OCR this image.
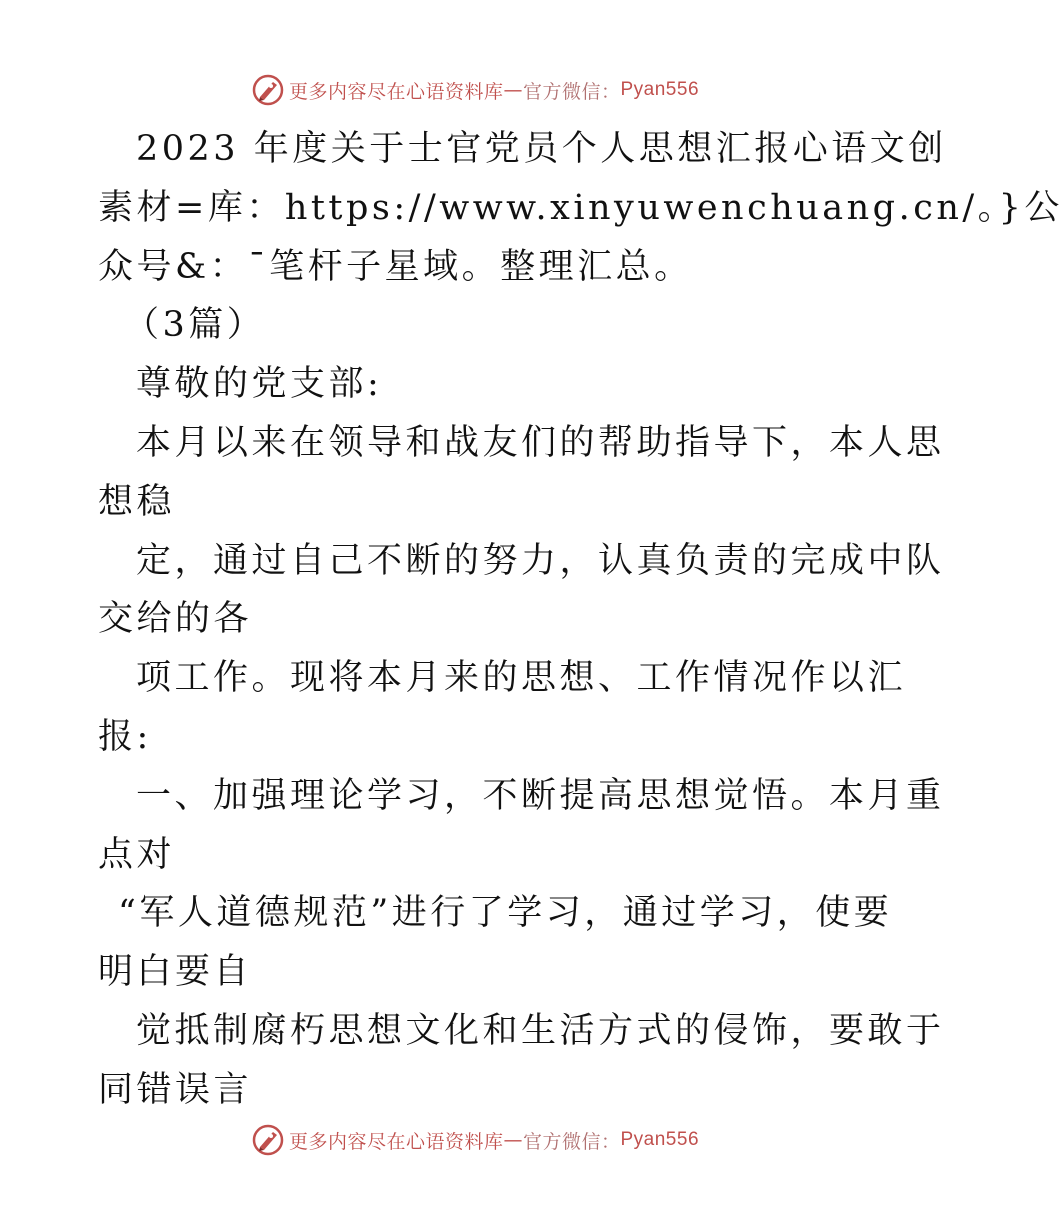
更多内容尽在心语资料库 — 官方微信： Pyan556
2023 年度关于士官党员个人思想汇报心语文创
素材=库：https://www.xinyuwenchuang.cn/。}公
众号&：¯笔杆子星域。整理汇总。
（3篇）
尊敬的党支部:
本月以来在领导和战友们的帮助指导下，本人思
想稳
定，通过自己不断的努力，认真负责的完成中队
交给的各
项工作。现将本月来的思想、工作情况作以汇
报:
一、加强理论学习，不断提高思想觉悟。本月重
点对
“军人道德规范”进行了学习，通过学习，使要
明白要自
觉抵制腐朽思想文化和生活方式的侵饰，要敢于
同错误言
更多内容尽在心语资料库 — 官方微信： Pyan556
